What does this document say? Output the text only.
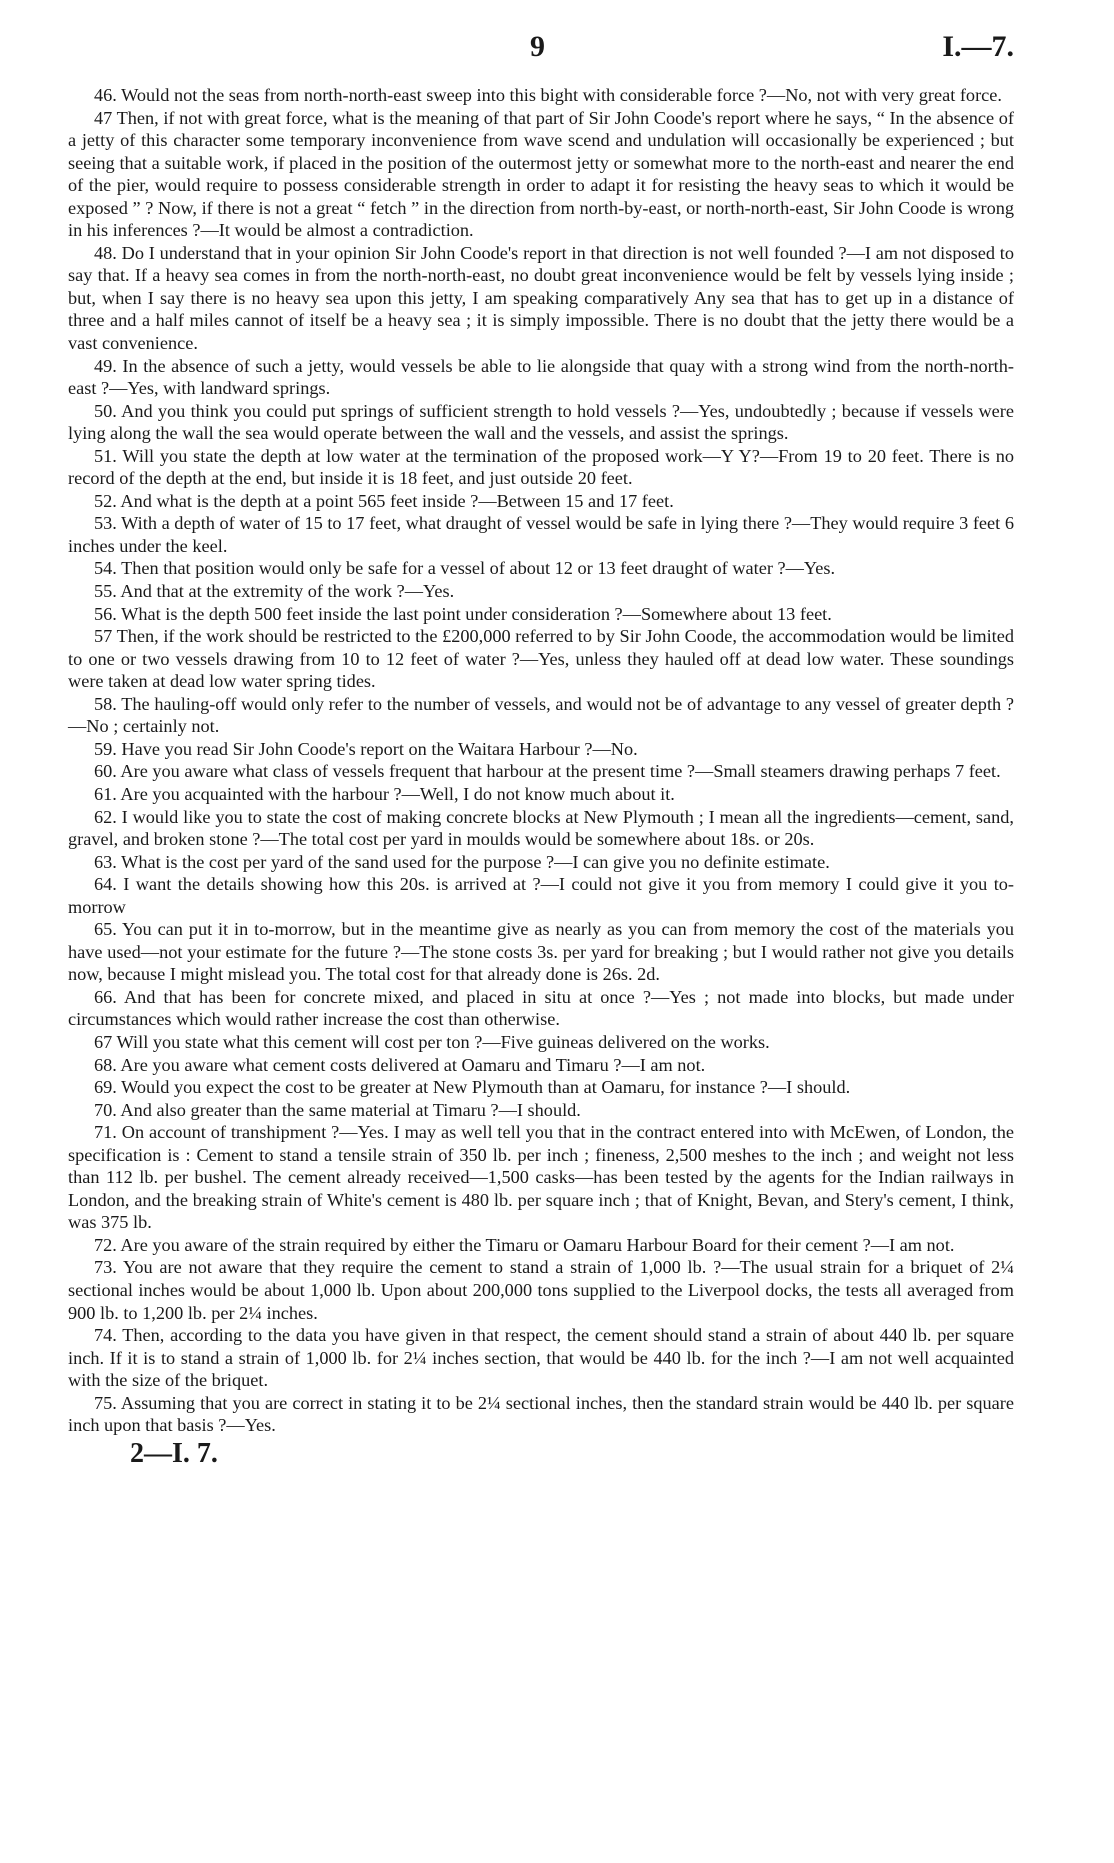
9	I.—7.

46. Would not the seas from north-north-east sweep into this bight with considerable force ?—No, not with very great force.

47 Then, if not with great force, what is the meaning of that part of Sir John Coode's report where he says, “ In the absence of a jetty of this character some temporary inconvenience from wave scend and undulation will occasionally be experienced ; but seeing that a suitable work, if placed in the position of the outermost jetty or somewhat more to the north-east and nearer the end of the pier, would require to possess considerable strength in order to adapt it for resisting the heavy seas to which it would be exposed ” ? Now, if there is not a great “ fetch ” in the direction from north-by-east, or north-north-east, Sir John Coode is wrong in his inferences ?—It would be almost a contradiction.

48. Do I understand that in your opinion Sir John Coode's report in that direction is not well founded ?—I am not disposed to say that. If a heavy sea comes in from the north-north-east, no doubt great inconvenience would be felt by vessels lying inside ; but, when I say there is no heavy sea upon this jetty, I am speaking comparatively Any sea that has to get up in a distance of three and a half miles cannot of itself be a heavy sea ; it is simply impossible. There is no doubt that the jetty there would be a vast convenience.

49. In the absence of such a jetty, would vessels be able to lie alongside that quay with a strong wind from the north-north-east ?—Yes, with landward springs.

50. And you think you could put springs of sufficient strength to hold vessels ?—Yes, undoubtedly ; because if vessels were lying along the wall the sea would operate between the wall and the vessels, and assist the springs.

51. Will you state the depth at low water at the termination of the proposed work—Y Y?—From 19 to 20 feet. There is no record of the depth at the end, but inside it is 18 feet, and just outside 20 feet.

52. And what is the depth at a point 565 feet inside ?—Between 15 and 17 feet.

53. With a depth of water of 15 to 17 feet, what draught of vessel would be safe in lying there ?—They would require 3 feet 6 inches under the keel.

54. Then that position would only be safe for a vessel of about 12 or 13 feet draught of water ?—Yes.

55. And that at the extremity of the work ?—Yes.

56. What is the depth 500 feet inside the last point under consideration ?—Somewhere about 13 feet.

57 Then, if the work should be restricted to the £200,000 referred to by Sir John Coode, the accommodation would be limited to one or two vessels drawing from 10 to 12 feet of water ?—Yes, unless they hauled off at dead low water. These soundings were taken at dead low water spring tides.

58. The hauling-off would only refer to the number of vessels, and would not be of advantage to any vessel of greater depth ?—No ; certainly not.

59. Have you read Sir John Coode's report on the Waitara Harbour ?—No.

60. Are you aware what class of vessels frequent that harbour at the present time ?—Small steamers drawing perhaps 7 feet.

61. Are you acquainted with the harbour ?—Well, I do not know much about it.

62. I would like you to state the cost of making concrete blocks at New Plymouth ; I mean all the ingredients—cement, sand, gravel, and broken stone ?—The total cost per yard in moulds would be somewhere about 18s. or 20s.

63. What is the cost per yard of the sand used for the purpose ?—I can give you no definite estimate.

64. I want the details showing how this 20s. is arrived at ?—I could not give it you from memory I could give it you to-morrow

65. You can put it in to-morrow, but in the meantime give as nearly as you can from memory the cost of the materials you have used—not your estimate for the future ?—The stone costs 3s. per yard for breaking ; but I would rather not give you details now, because I might mislead you. The total cost for that already done is 26s. 2d.

66. And that has been for concrete mixed, and placed in situ at once ?—Yes ; not made into blocks, but made under circumstances which would rather increase the cost than otherwise.

67 Will you state what this cement will cost per ton ?—Five guineas delivered on the works.

68. Are you aware what cement costs delivered at Oamaru and Timaru ?—I am not.

69. Would you expect the cost to be greater at New Plymouth than at Oamaru, for instance ?—I should.

70. And also greater than the same material at Timaru ?—I should.

71. On account of transhipment ?—Yes. I may as well tell you that in the contract entered into with McEwen, of London, the specification is : Cement to stand a tensile strain of 350 lb. per inch ; fineness, 2,500 meshes to the inch ; and weight not less than 112 lb. per bushel. The cement already received—1,500 casks—has been tested by the agents for the Indian railways in London, and the breaking strain of White's cement is 480 lb. per square inch ; that of Knight, Bevan, and Stery's cement, I think, was 375 lb.

72. Are you aware of the strain required by either the Timaru or Oamaru Harbour Board for their cement ?—I am not.

73. You are not aware that they require the cement to stand a strain of 1,000 lb. ?—The usual strain for a briquet of 2¼ sectional inches would be about 1,000 lb. Upon about 200,000 tons supplied to the Liverpool docks, the tests all averaged from 900 lb. to 1,200 lb. per 2¼ inches.

74. Then, according to the data you have given in that respect, the cement should stand a strain of about 440 lb. per square inch. If it is to stand a strain of 1,000 lb. for 2¼ inches section, that would be 440 lb. for the inch ?—I am not well acquainted with the size of the briquet.

75. Assuming that you are correct in stating it to be 2¼ sectional inches, then the standard strain would be 440 lb. per square inch upon that basis ?—Yes.

2—I. 7.
